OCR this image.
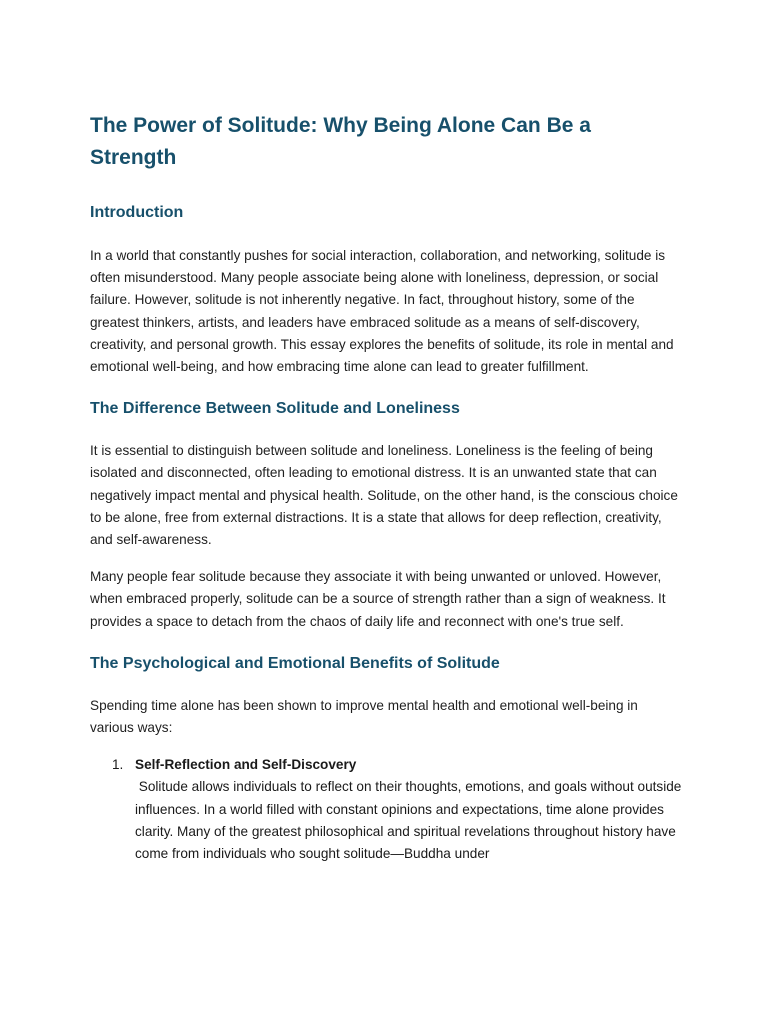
The Power of Solitude: Why Being Alone Can Be a Strength
Introduction

In a world that constantly pushes for social interaction, collaboration, and networking, solitude is often misunderstood. Many people associate being alone with loneliness, depression, or social failure. However, solitude is not inherently negative. In fact, throughout history, some of the greatest thinkers, artists, and leaders have embraced solitude as a means of self-discovery, creativity, and personal growth. This essay explores the benefits of solitude, its role in mental and emotional well-being, and how embracing time alone can lead to greater fulfillment.

The Difference Between Solitude and Loneliness

It is essential to distinguish between solitude and loneliness. Loneliness is the feeling of being isolated and disconnected, often leading to emotional distress. It is an unwanted state that can negatively impact mental and physical health. Solitude, on the other hand, is the conscious choice to be alone, free from external distractions. It is a state that allows for deep reflection, creativity, and self-awareness.

Many people fear solitude because they associate it with being unwanted or unloved. However, when embraced properly, solitude can be a source of strength rather than a sign of weakness. It provides a space to detach from the chaos of daily life and reconnect with one's true self.

The Psychological and Emotional Benefits of Solitude

Spending time alone has been shown to improve mental health and emotional well-being in various ways:

1. Self-Reflection and Self-Discovery
Solitude allows individuals to reflect on their thoughts, emotions, and goals without outside influences. In a world filled with constant opinions and expectations, time alone provides clarity. Many of the greatest philosophical and spiritual revelations throughout history have come from individuals who sought solitude—Buddha under
